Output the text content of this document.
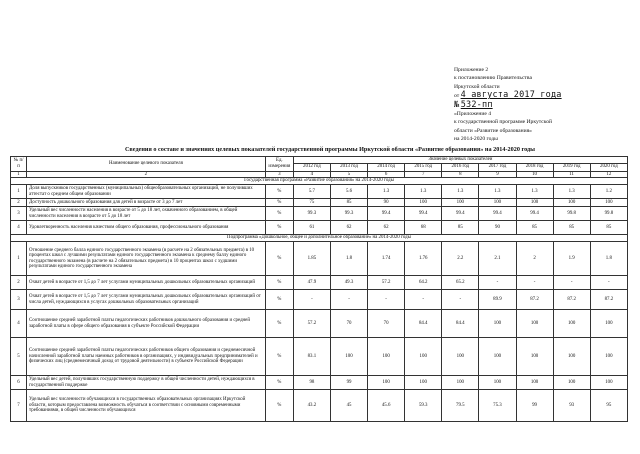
Приложение 2
к постановлению Правительства
Иркутской области
от 4 августа 2017 года
№ 532-пп
«Приложение 4
к государственной программе Иркутской
области «Развитие образования»
на 2014-2020 годы
Сведения о составе и значениях целевых показателей государственной программы Иркутской области «Развитие образования» на 2014-2020 годы
№ п/п	Наименование целевого показателя	Ед. измерения	Значение целевых показателей								
			2012 год	2013 год	2014 год	2015 год	2016 год	2017 год	2018 год	2019 год	2020 год
1	2	3	4	5	6	7	8	9	10	11	12
Государственная программа «Развитие образования» на 2014-2020 годы											
1	Доля выпускников государственных (муниципальных) общеобразовательных организаций, не получивших аттестат о среднем общем образовании	%	5.7	5.6	1.3	1.3	1.3	1.3	1.3	1.3	1.2
2	Доступность дошкольного образования для детей в возрасте от 3 до 7 лет	%	75	85	90	100	100	100	100	100	100
3	Удельный вес численности населения в возрасте от 5 до 18 лет, охваченного образованием, в общей численности населения в возрасте от 5 до 18 лет	%	99.3	99.3	99.4	99.4	99.4	99.4	99.4	99.8	99.8
4	Удовлетворенность населения качеством общего образования, профессионального образования	%	61	62	62	68	85	90	85	85	85
Подпрограмма «Дошкольное, общее и дополнительное образование» на 2014-2020 годы											
1	Отношение среднего балла единого государственного экзамена (в расчете на 2 обязательных предмета) в 10 процентах школ с лучшими результатами единого государственного экзамена к среднему баллу единого государственного экзамена (в расчете на 2 обязательных предмета) в 10 процентах школ с худшими результатами единого государственного экзамена	%	1.85	1.8	1.74	1.76	2.2	2.1	2	1.9	1.8
2	Охват детей в возрасте от 1,5 до 7 лет услугами муниципальных дошкольных образовательных организаций	%	47.9	49.3	57.2	64.2	65.2	-	-	-	-
3	Охват детей в возрасте от 1,5 до 7 лет услугами муниципальных дошкольных образовательных организаций от числа детей, нуждающихся в услугах дошкольных образовательных организаций	%	-	-	-	-	-	89.9	87.2	87.2	87.2
4	Соотношение средней заработной платы педагогических работников дошкольного образования и средней заработной платы в сфере общего образования в субъекте Российской Федерации	%	57.2	70	70	84.4	84.4	100	100	100	100
5	Соотношение средней заработной платы педагогических работников общего образования и среднемесячной начисленной заработной платы наемных работников в организациях, у индивидуальных предпринимателей и физических лиц (среднемесячный доход от трудовой деятельности) в субъекте Российской Федерации	%	83.1	100	100	100	100	100	100	100	100
6	Удельный вес детей, получивших государственную поддержку в общей численности детей, нуждающихся в государственной поддержке	%	98	99	100	100	100	100	100	100	100
7	Удельный вес численности обучающихся в государственных образовательных организациях Иркутской области, которым предоставлена возможность обучаться в соответствии с основными современными требованиями, в общей численности обучающихся	%	43.2	45	45.6	59.3	79.5	75.3	99	93	95
